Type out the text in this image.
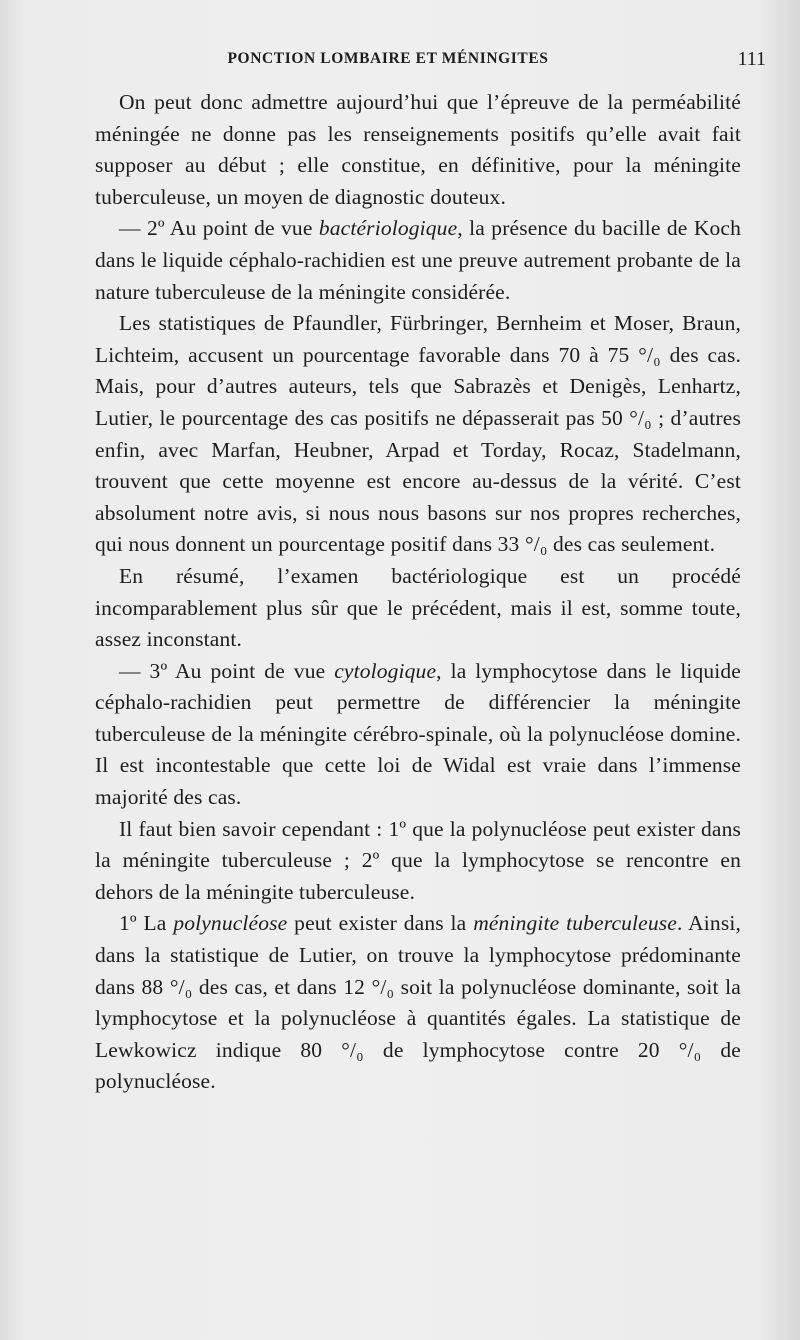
PONCTION LOMBAIRE ET MÉNINGITES	111

On peut donc admettre aujourd’hui que l’épreuve de la perméabilité méningée ne donne pas les renseignements positifs qu’elle avait fait supposer au début ; elle constitue, en définitive, pour la méningite tuberculeuse, un moyen de diagnostic douteux.

— 2º Au point de vue bactériologique, la présence du bacille de Koch dans le liquide céphalo-rachidien est une preuve autrement probante de la nature tuberculeuse de la méningite considérée.

Les statistiques de Pfaundler, Fürbringer, Bernheim et Moser, Braun, Lichteim, accusent un pourcentage favorable dans 70 à 75 °/₀ des cas. Mais, pour d’autres auteurs, tels que Sabrazès et Denigès, Lenhartz, Lutier, le pourcentage des cas positifs ne dépasserait pas 50 °/₀ ; d’autres enfin, avec Marfan, Heubner, Arpad et Torday, Rocaz, Stadelmann, trouvent que cette moyenne est encore au-dessus de la vérité. C’est absolument notre avis, si nous nous basons sur nos propres recherches, qui nous donnent un pourcentage positif dans 33 °/₀ des cas seulement.

En résumé, l’examen bactériologique est un procédé incomparablement plus sûr que le précédent, mais il est, somme toute, assez inconstant.

— 3º Au point de vue cytologique, la lymphocytose dans le liquide céphalo-rachidien peut permettre de différencier la méningite tuberculeuse de la méningite cérébro-spinale, où la polynucléose domine. Il est incontestable que cette loi de Widal est vraie dans l’immense majorité des cas.

Il faut bien savoir cependant : 1º que la polynucléose peut exister dans la méningite tuberculeuse ; 2º que la lymphocytose se rencontre en dehors de la méningite tuberculeuse.

1º La polynucléose peut exister dans la méningite tuberculeuse. Ainsi, dans la statistique de Lutier, on trouve la lymphocytose prédominante dans 88 °/₀ des cas, et dans 12 °/₀ soit la polynucléose dominante, soit la lymphocytose et la polynucléose à quantités égales. La statistique de Lewkowicz indique 80 °/₀ de lymphocytose contre 20 °/₀ de polynucléose.
